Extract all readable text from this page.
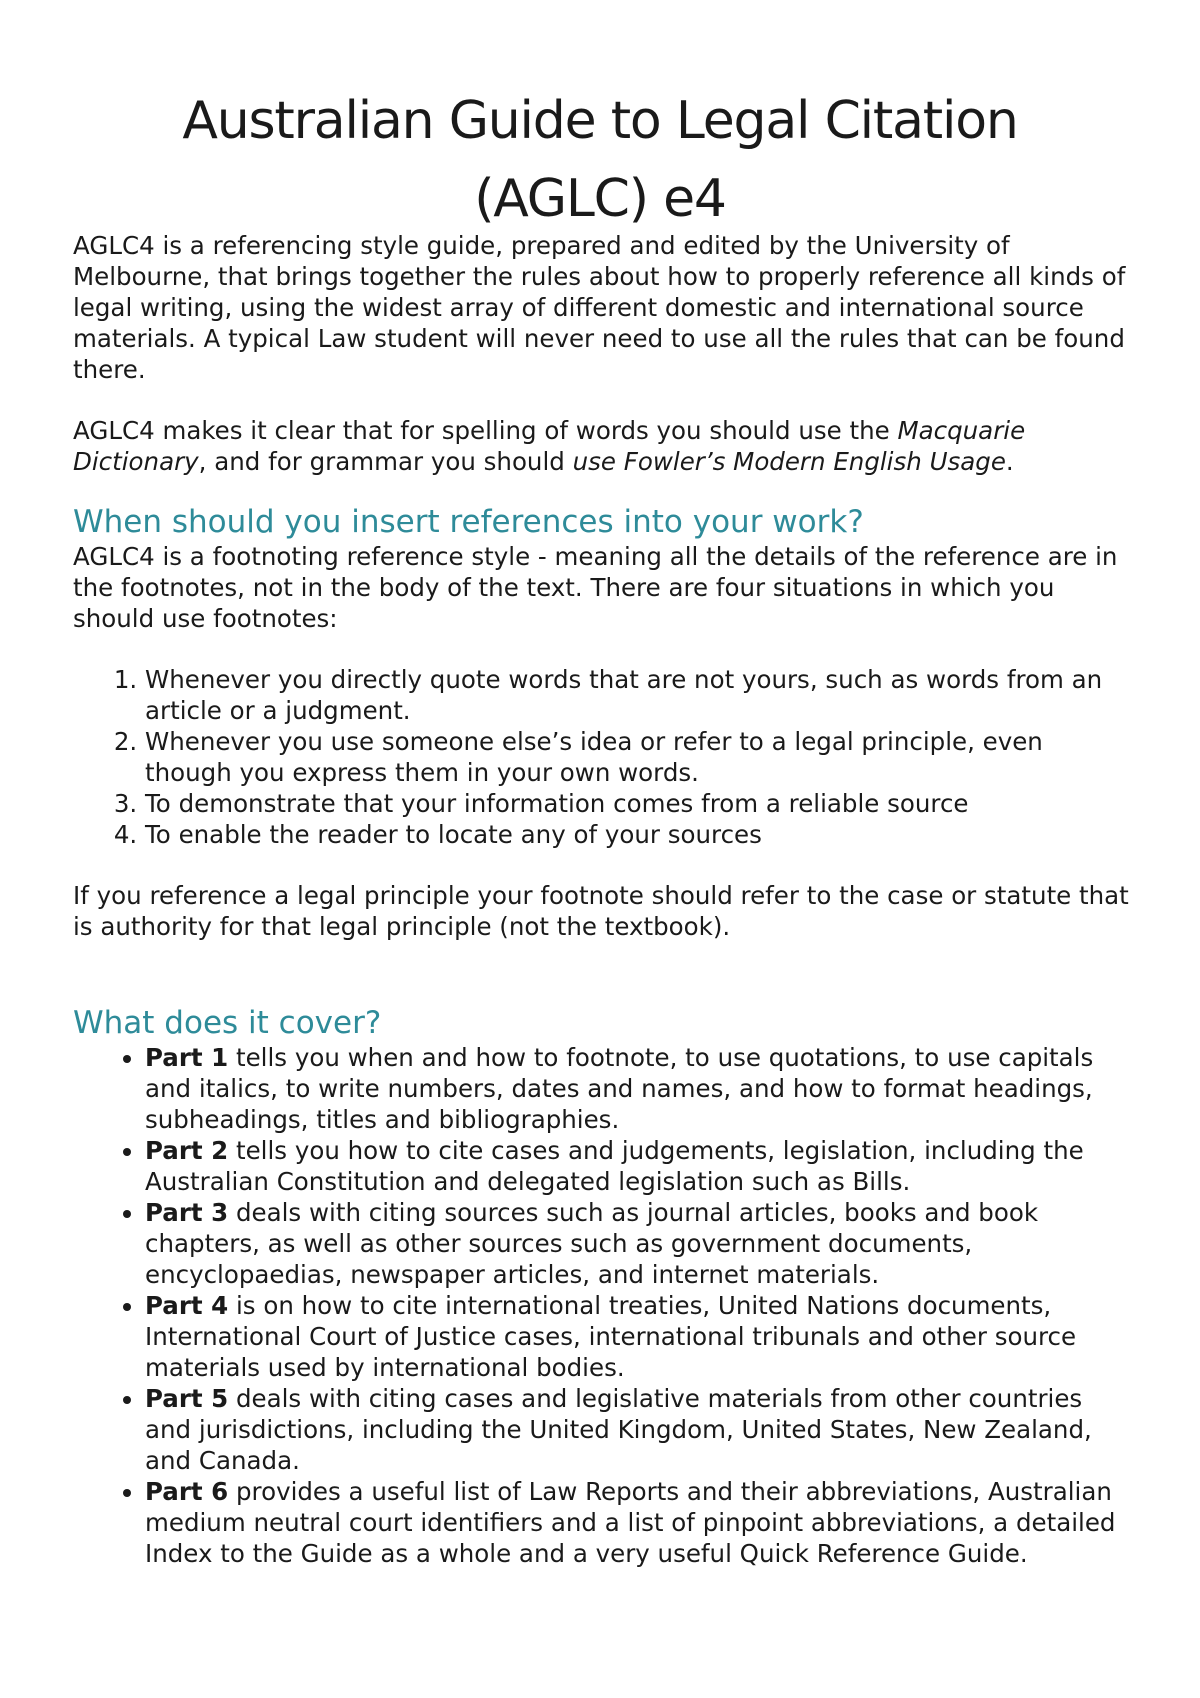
Australian Guide to Legal Citation
(AGLC) e4

AGLC4 is a referencing style guide, prepared and edited by the University of Melbourne, that brings together the rules about how to properly reference all kinds of legal writing, using the widest array of different domestic and international source materials. A typical Law student will never need to use all the rules that can be found there.

AGLC4 makes it clear that for spelling of words you should use the Macquarie Dictionary, and for grammar you should use Fowler’s Modern English Usage.

When should you insert references into your work?

AGLC4 is a footnoting reference style - meaning all the details of the reference are in the footnotes, not in the body of the text. There are four situations in which you should use footnotes:

1. Whenever you directly quote words that are not yours, such as words from an article or a judgment.
2. Whenever you use someone else’s idea or refer to a legal principle, even though you express them in your own words.
3. To demonstrate that your information comes from a reliable source
4. To enable the reader to locate any of your sources

If you reference a legal principle your footnote should refer to the case or statute that is authority for that legal principle (not the textbook).

What does it cover?
• Part 1 tells you when and how to footnote, to use quotations, to use capitals and italics, to write numbers, dates and names, and how to format headings, subheadings, titles and bibliographies.
• Part 2 tells you how to cite cases and judgements, legislation, including the Australian Constitution and delegated legislation such as Bills.
• Part 3 deals with citing sources such as journal articles, books and book chapters, as well as other sources such as government documents, encyclopaedias, newspaper articles, and internet materials.
• Part 4 is on how to cite international treaties, United Nations documents, International Court of Justice cases, international tribunals and other source materials used by international bodies.
• Part 5 deals with citing cases and legislative materials from other countries and jurisdictions, including the United Kingdom, United States, New Zealand, and Canada.
• Part 6 provides a useful list of Law Reports and their abbreviations, Australian medium neutral court identifiers and a list of pinpoint abbreviations, a detailed Index to the Guide as a whole and a very useful Quick Reference Guide.
